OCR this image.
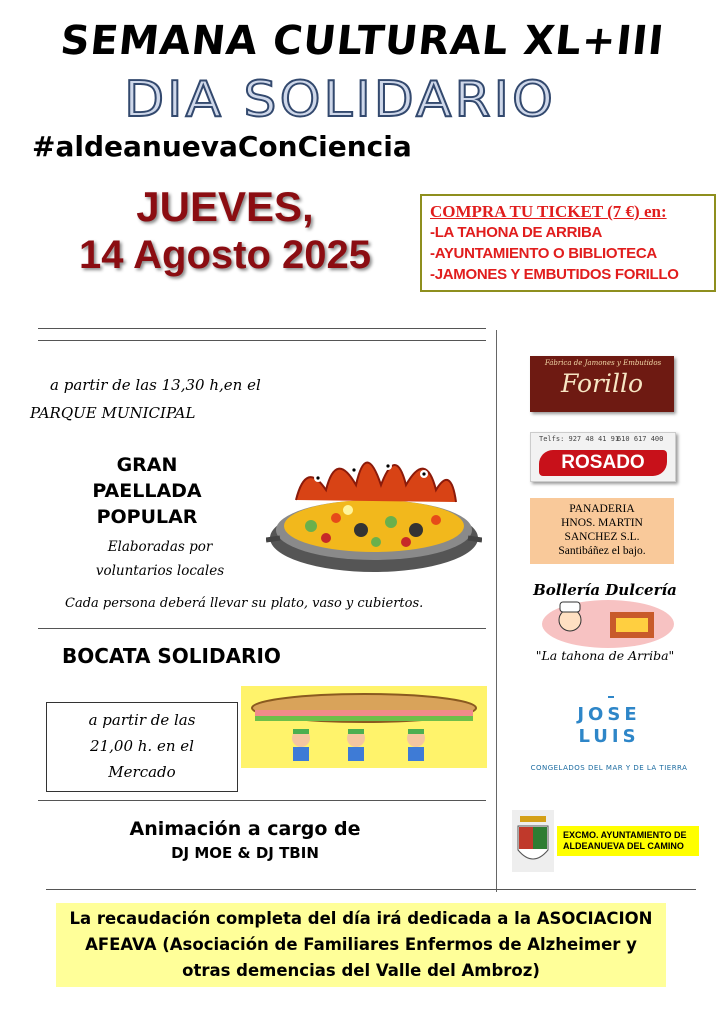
SEMANA CULTURAL XL+III
DIA SOLIDARIO
#aldeanuevaConCiencia
JUEVES,
14 Agosto 2025
COMPRA TU TICKET (7 €) en:
-LA TAHONA DE ARRIBA
-AYUNTAMIENTO O BIBLIOTECA
-JAMONES Y EMBUTIDOS FORILLO
a partir de las 13,30 h,en el
PARQUE MUNICIPAL
GRAN
PAELLADA
POPULAR
Elaboradas por
voluntarios locales
Cada persona deberá llevar su plato, vaso y cubiertos.
BOCATA SOLIDARIO
a partir de las
21,00 h. en el
Mercado
Animación a cargo de
DJ MOE & DJ TBIN
Fábrica de Jamones y Embutidos
Forillo
Telfs: 927 48 41 91
610 617 400
ROSADO
PANADERIA
HNOS. MARTIN
SANCHEZ S.L.
Santibáñez el bajo.
Bollería Dulcería
"La tahona de Arriba"
JOSE
LUIS
CONGELADOS DEL MAR Y DE LA TIERRA
EXCMO. AYUNTAMIENTO DE
ALDEANUEVA DEL CAMINO
La recaudación completa del día irá dedicada a la ASOCIACION
AFEAVA (Asociación de Familiares Enfermos de Alzheimer y
otras demencias del Valle del Ambroz)
